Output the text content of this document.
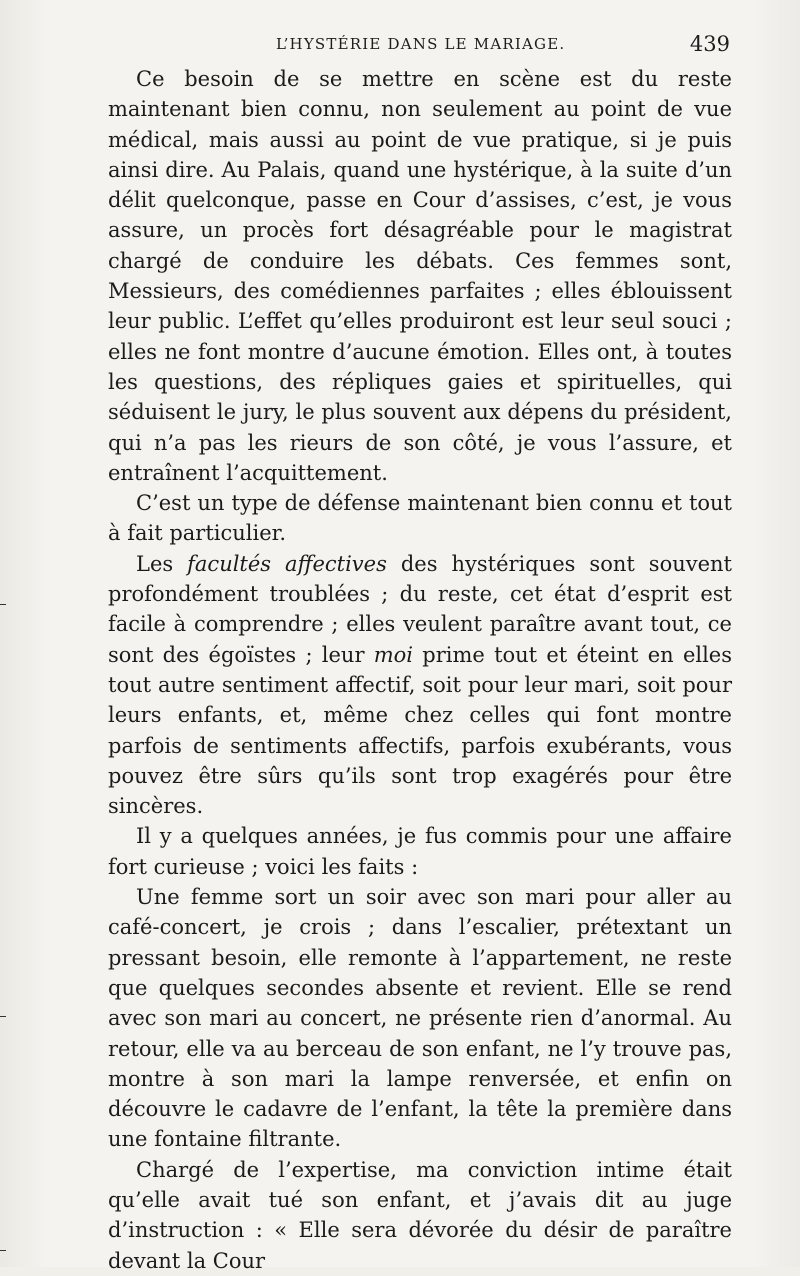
L’HYSTÉRIE DANS LE MARIAGE.	439

Ce besoin de se mettre en scène est du reste maintenant bien connu, non seulement au point de vue médical, mais aussi au point de vue pratique, si je puis ainsi dire. Au Palais, quand une hystérique, à la suite d’un délit quelconque, passe en Cour d’assises, c’est, je vous assure, un procès fort désagréable pour le magistrat chargé de conduire les débats. Ces femmes sont, Messieurs, des comédiennes parfaites ; elles éblouissent leur public. L’effet qu’elles produiront est leur seul souci ; elles ne font montre d’aucune émotion. Elles ont, à toutes les questions, des répliques gaies et spirituelles, qui séduisent le jury, le plus souvent aux dépens du président, qui n’a pas les rieurs de son côté, je vous l’assure, et entraînent l’acquittement.

C’est un type de défense maintenant bien connu et tout à fait particulier.

Les facultés affectives des hystériques sont souvent profondément troublées ; du reste, cet état d’esprit est facile à comprendre ; elles veulent paraître avant tout, ce sont des égoïstes ; leur moi prime tout et éteint en elles tout autre sentiment affectif, soit pour leur mari, soit pour leurs enfants, et, même chez celles qui font montre parfois de sentiments affectifs, parfois exubérants, vous pouvez être sûrs qu’ils sont trop exagérés pour être sincères.

Il y a quelques années, je fus commis pour une affaire fort curieuse ; voici les faits :

Une femme sort un soir avec son mari pour aller au café-concert, je crois ; dans l’escalier, prétextant un pressant besoin, elle remonte à l’appartement, ne reste que quelques secondes absente et revient. Elle se rend avec son mari au concert, ne présente rien d’anormal. Au retour, elle va au berceau de son enfant, ne l’y trouve pas, montre à son mari la lampe renversée, et enfin on découvre le cadavre de l’enfant, la tête la première dans une fontaine filtrante.

Chargé de l’expertise, ma conviction intime était qu’elle avait tué son enfant, et j’avais dit au juge d’instruction : « Elle sera dévorée du désir de paraître devant la Cour
